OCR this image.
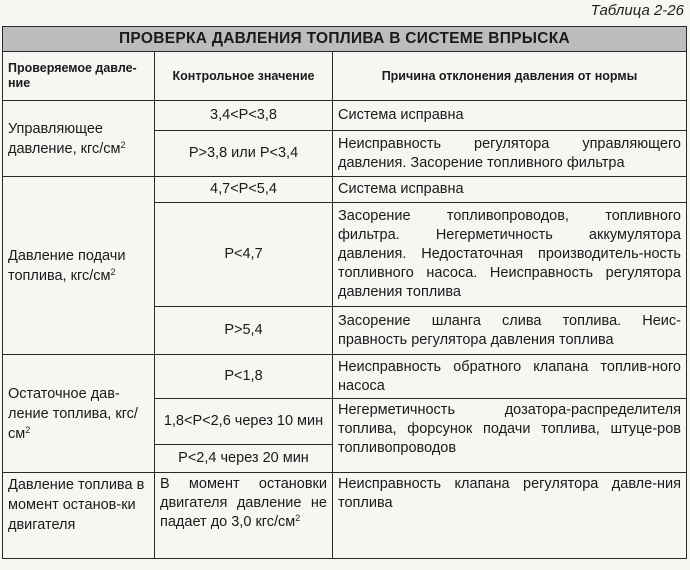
Таблица 2-26
ПРОВЕРКА ДАВЛЕНИЯ ТОПЛИВА В СИСТЕМЕ ВПРЫСКА		
Проверяемое давле-ние	Контрольное значение	Причина отклонения давления от нормы
Управляющее давление, кгс/$см^2$	3,4<P<3,8	Система исправна
	P>3,8 или P<3,4	Неисправность регулятора управляющего давления. Засорение топливного фильтра
Давление подачи топлива, кгс/$см^2$	4,7<P<5,4	Система исправна
	P<4,7	Засорение топливопроводов, топливного фильтра. Негерметичность аккумулятора давления. Недостаточная производитель-ность топливного насоса. Неисправность регулятора давления топлива
	P>5,4	Засорение шланга слива топлива. Неис-правность регулятора давления топлива
Остаточное дав-ление топлива, кгс/$см^2$	P<1,8	Неисправность обратного клапана топлив-ного насоса
	1,8<P<2,6 через 10 мин	Негерметичность дозатора-распределителя топлива, форсунок подачи топлива, штуце-ров топливопроводов
	P<2,4 через 20 мин	
Давление топлива в момент останов-ки двигателя	В момент остановки двигателя давление не падает до 3,0 кгс/$см^2$	Неисправность клапана регулятора давле-ния топлива
